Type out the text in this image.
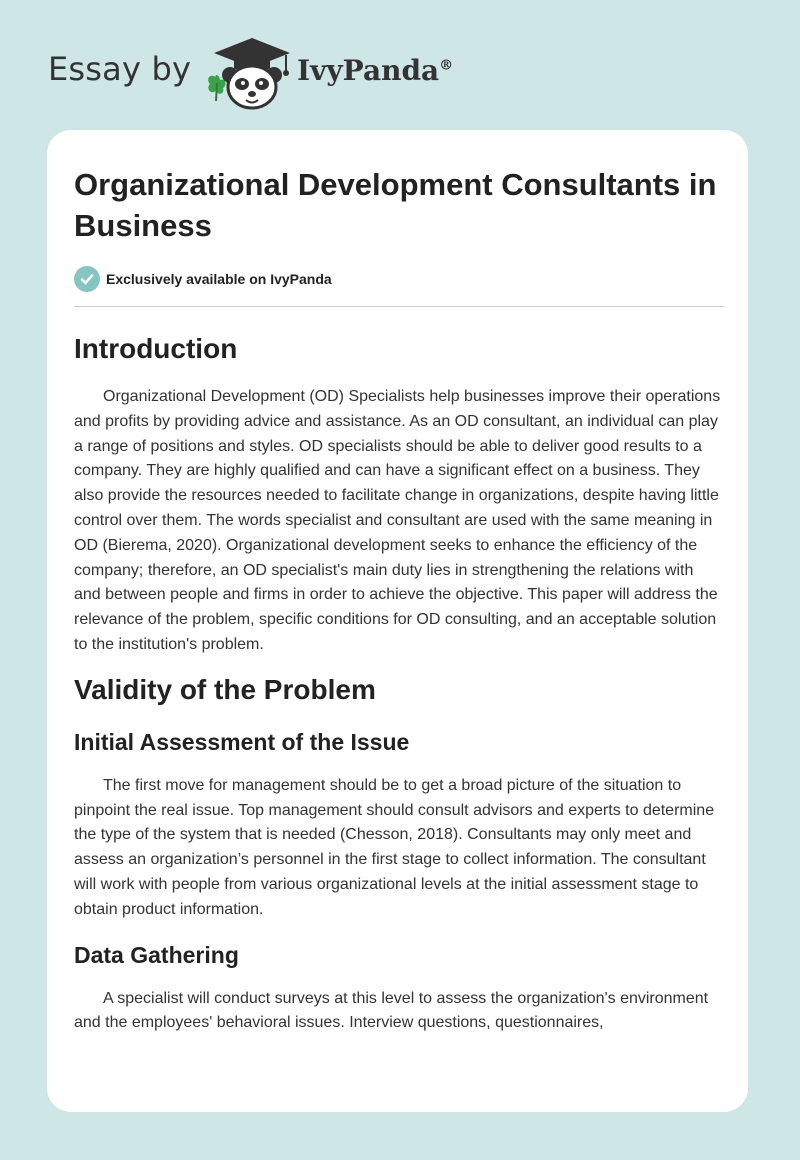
Essay by	IvyPanda®
Organizational Development Consultants in Business
Exclusively available on IvyPanda
Introduction

Organizational Development (OD) Specialists help businesses improve their operations and profits by providing advice and assistance. As an OD consultant, an individual can play a range of positions and styles. OD specialists should be able to deliver good results to a company. They are highly qualified and can have a significant effect on a business. They also provide the resources needed to facilitate change in organizations, despite having little control over them. The words specialist and consultant are used with the same meaning in OD (Bierema, 2020). Organizational development seeks to enhance the efficiency of the company; therefore, an OD specialist's main duty lies in strengthening the relations with and between people and firms in order to achieve the objective. This paper will address the relevance of the problem, specific conditions for OD consulting, and an acceptable solution to the institution's problem.

Validity of the Problem
Initial Assessment of the Issue

The first move for management should be to get a broad picture of the situation to pinpoint the real issue. Top management should consult advisors and experts to determine the type of the system that is needed (Chesson, 2018). Consultants may only meet and assess an organization’s personnel in the first stage to collect information. The consultant will work with people from various organizational levels at the initial assessment stage to obtain product information.

Data Gathering

A specialist will conduct surveys at this level to assess the organization's environment and the employees' behavioral issues. Interview questions, questionnaires,
